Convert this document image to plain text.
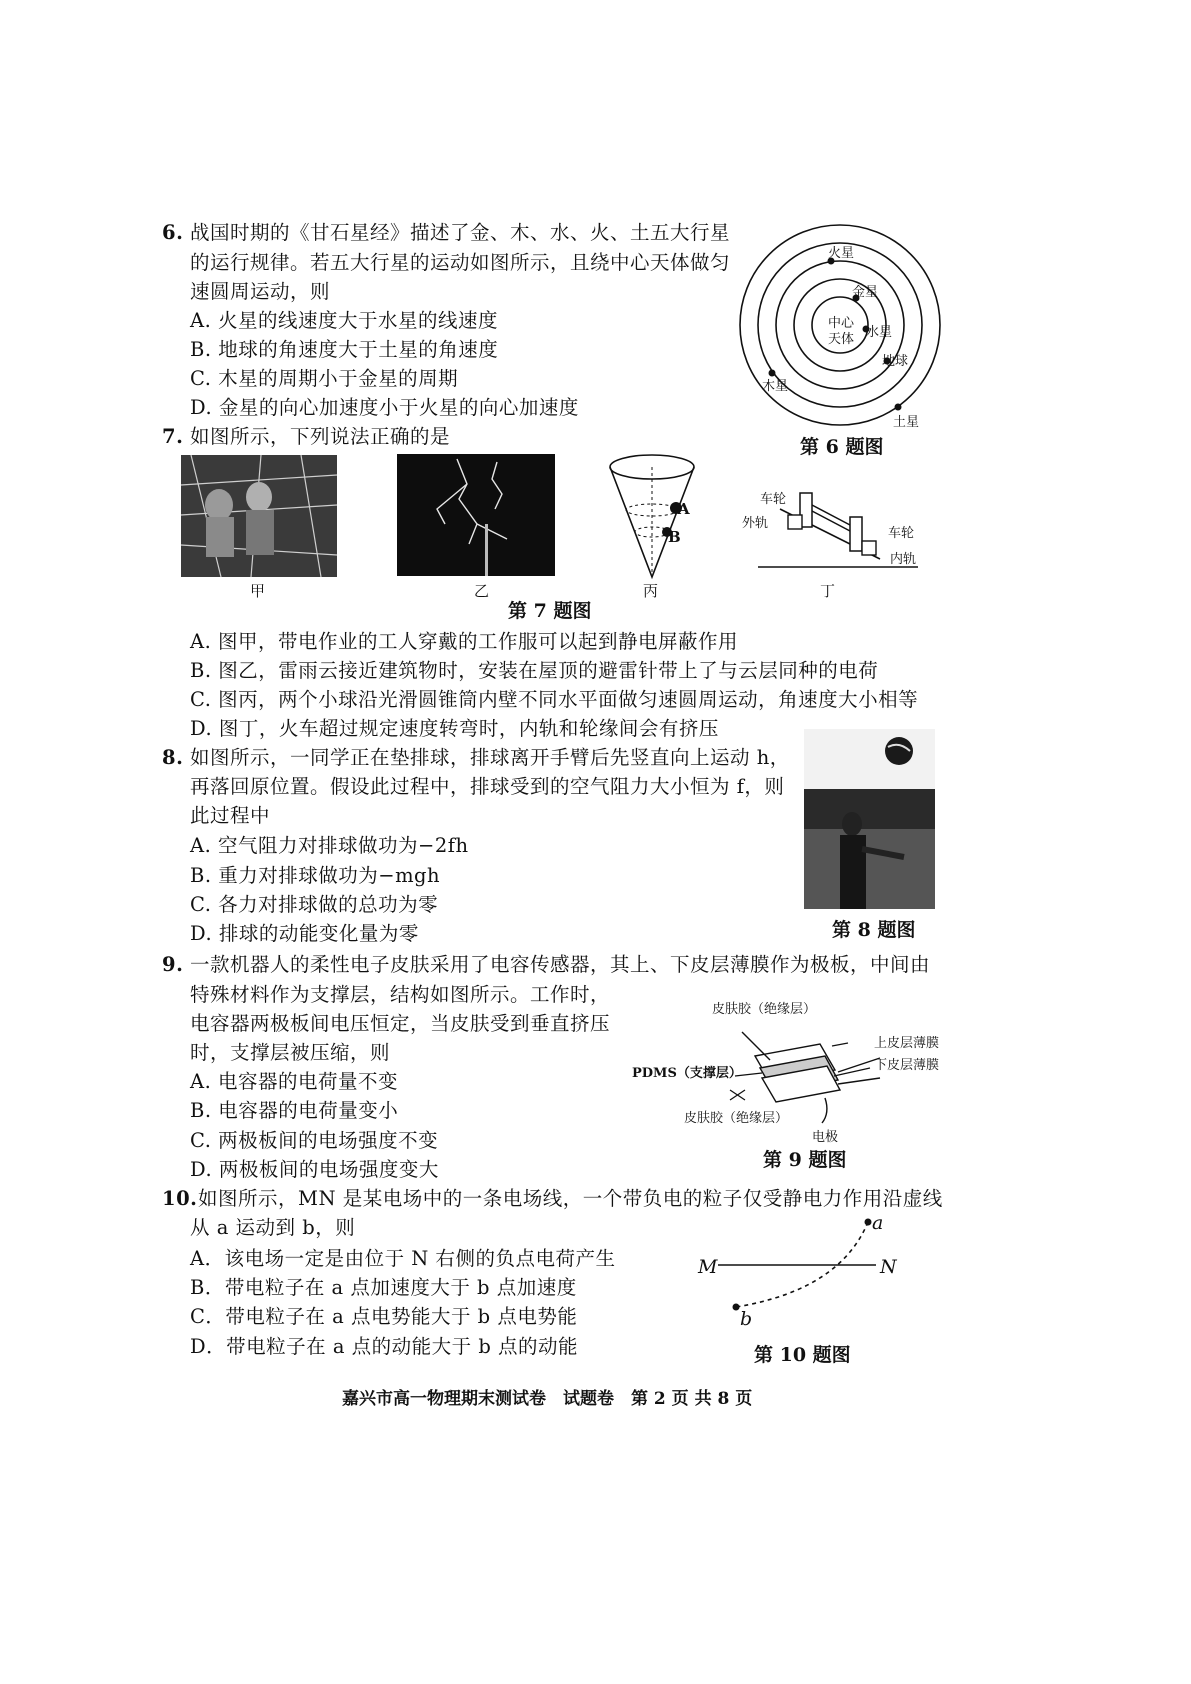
6. 战国时期的《甘石星经》描述了金、木、水、火、土五大行星
的运行规律。若五大行星的运动如图所示，且绕中心天体做匀
速圆周运动，则
A. 火星的线速度大于水星的线速度
B. 地球的角速度大于土星的角速度
C. 木星的周期小于金星的周期
D. 金星的向心加速度小于火星的向心加速度
火星
金星
水星
地球
木星
土星
中心
天体
第 6 题图
7. 如图所示，下列说法正确的是
A
B
车轮
外轨
车轮
内轨
甲	乙	丙	丁
第 7 题图
A. 图甲，带电作业的工人穿戴的工作服可以起到静电屏蔽作用
B. 图乙，雷雨云接近建筑物时，安装在屋顶的避雷针带上了与云层同种的电荷
C. 图丙，两个小球沿光滑圆锥筒内壁不同水平面做匀速圆周运动，角速度大小相等
D. 图丁，火车超过规定速度转弯时，内轨和轮缘间会有挤压
8. 如图所示，一同学正在垫排球，排球离开手臂后先竖直向上运动 h，
再落回原位置。假设此过程中，排球受到的空气阻力大小恒为 f，则
此过程中
A. 空气阻力对排球做功为−2fh
B. 重力对排球做功为−mgh
C. 各力对排球做的总功为零
D. 排球的动能变化量为零	第 8 题图
9. 一款机器人的柔性电子皮肤采用了电容传感器，其上、下皮层薄膜作为极板，中间由
特殊材料作为支撑层，结构如图所示。工作时，
电容器两极板间电压恒定，当皮肤受到垂直挤压
时，支撑层被压缩，则
A. 电容器的电荷量不变
B. 电容器的电荷量变小
C. 两极板间的电场强度不变
D. 两极板间的电场强度变大
皮肤胶（绝缘层）
上皮层薄膜
PDMS（支撑层）
下皮层薄膜
皮肤胶（绝缘层）
电极
第 9 题图
10. 如图所示，MN 是某电场中的一条电场线，一个带负电的粒子仅受静电力作用沿虚线
从 a 运动到 b，则
A．该电场一定是由位于 N 右侧的负点电荷产生
B．带电粒子在 a 点加速度大于 b 点加速度
C．带电粒子在 a 点电势能大于 b 点电势能
D．带电粒子在 a 点的动能大于 b 点的动能
a
M	N
b
第 10 题图
嘉兴市高一物理期末测试卷　试题卷　第 2 页 共 8 页
